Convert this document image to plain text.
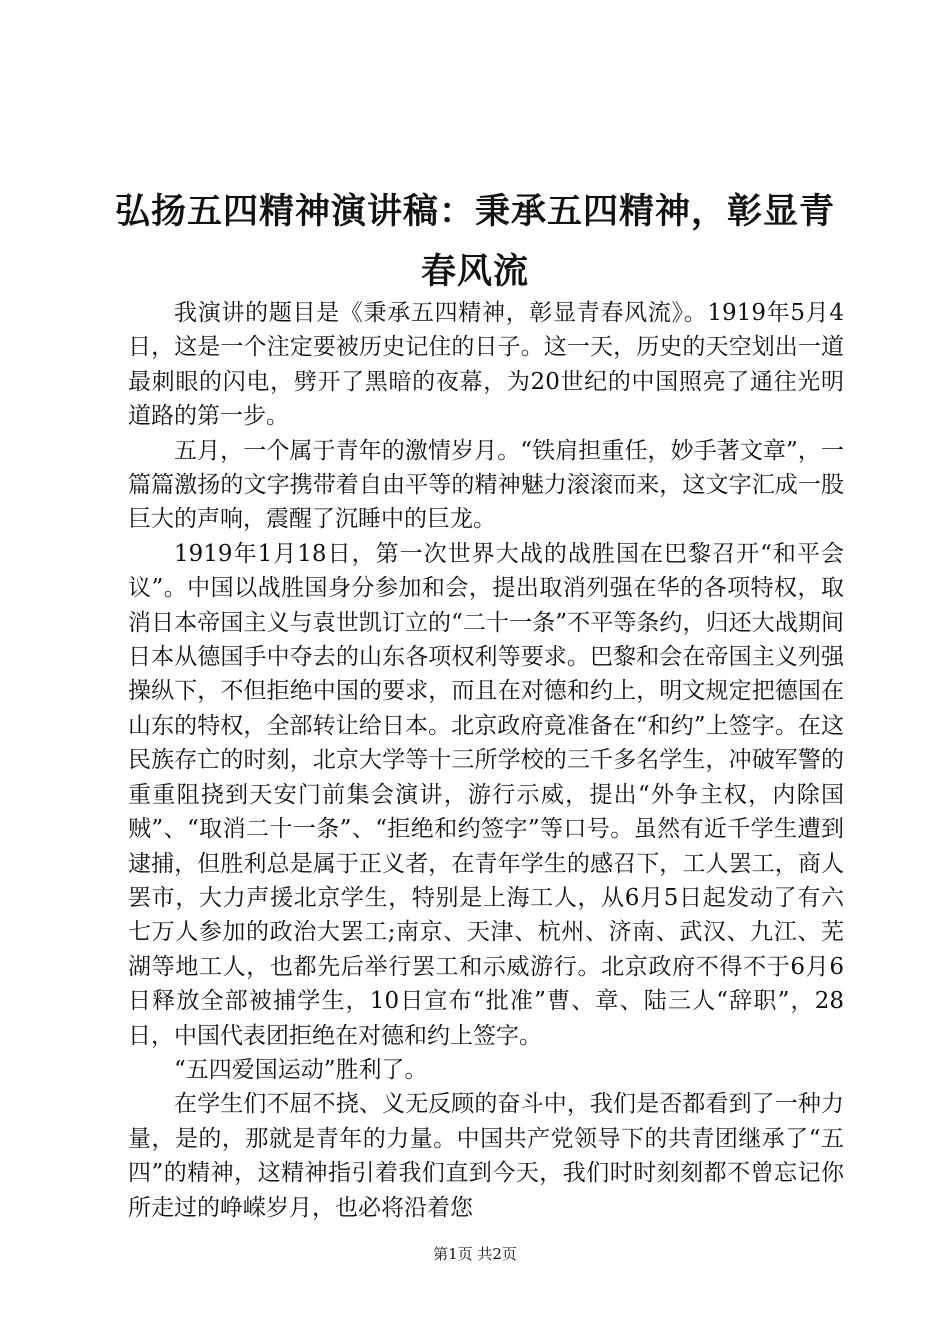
弘扬五四精神演讲稿：秉承五四精神，彰显青春风流

我演讲的题目是《秉承五四精神，彰显青春风流》。1919年5月4日，这是一个注定要被历史记住的日子。这一天，历史的天空划出一道最刺眼的闪电，劈开了黑暗的夜幕，为20世纪的中国照亮了通往光明道路的第一步。

五月，一个属于青年的激情岁月。“铁肩担重任，妙手著文章”，一篇篇激扬的文字携带着自由平等的精神魅力滚滚而来，这文字汇成一股巨大的声响，震醒了沉睡中的巨龙。

1919年1月18日，第一次世界大战的战胜国在巴黎召开“和平会议”。中国以战胜国身分参加和会，提出取消列强在华的各项特权，取消日本帝国主义与袁世凯订立的“二十一条”不平等条约，归还大战期间日本从德国手中夺去的山东各项权利等要求。巴黎和会在帝国主义列强操纵下，不但拒绝中国的要求，而且在对德和约上，明文规定把德国在山东的特权，全部转让给日本。北京政府竟准备在“和约”上签字。在这民族存亡的时刻，北京大学等十三所学校的三千多名学生，冲破军警的重重阻挠到天安门前集会演讲，游行示威，提出“外争主权，内除国贼”、“取消二十一条”、“拒绝和约签字”等口号。虽然有近千学生遭到逮捕，但胜利总是属于正义者，在青年学生的感召下，工人罢工，商人罢市，大力声援北京学生，特别是上海工人，从6月5日起发动了有六七万人参加的政治大罢工;南京、天津、杭州、济南、武汉、九江、芜湖等地工人，也都先后举行罢工和示威游行。北京政府不得不于6月6日释放全部被捕学生，10日宣布“批准”曹、章、陆三人“辞职”，28日，中国代表团拒绝在对德和约上签字。

“五四爱国运动”胜利了。

在学生们不屈不挠、义无反顾的奋斗中，我们是否都看到了一种力量，是的，那就是青年的力量。中国共产党领导下的共青团继承了“五四”的精神，这精神指引着我们直到今天，我们时时刻刻都不曾忘记你所走过的峥嵘岁月，也必将沿着您

第1页 共2页
